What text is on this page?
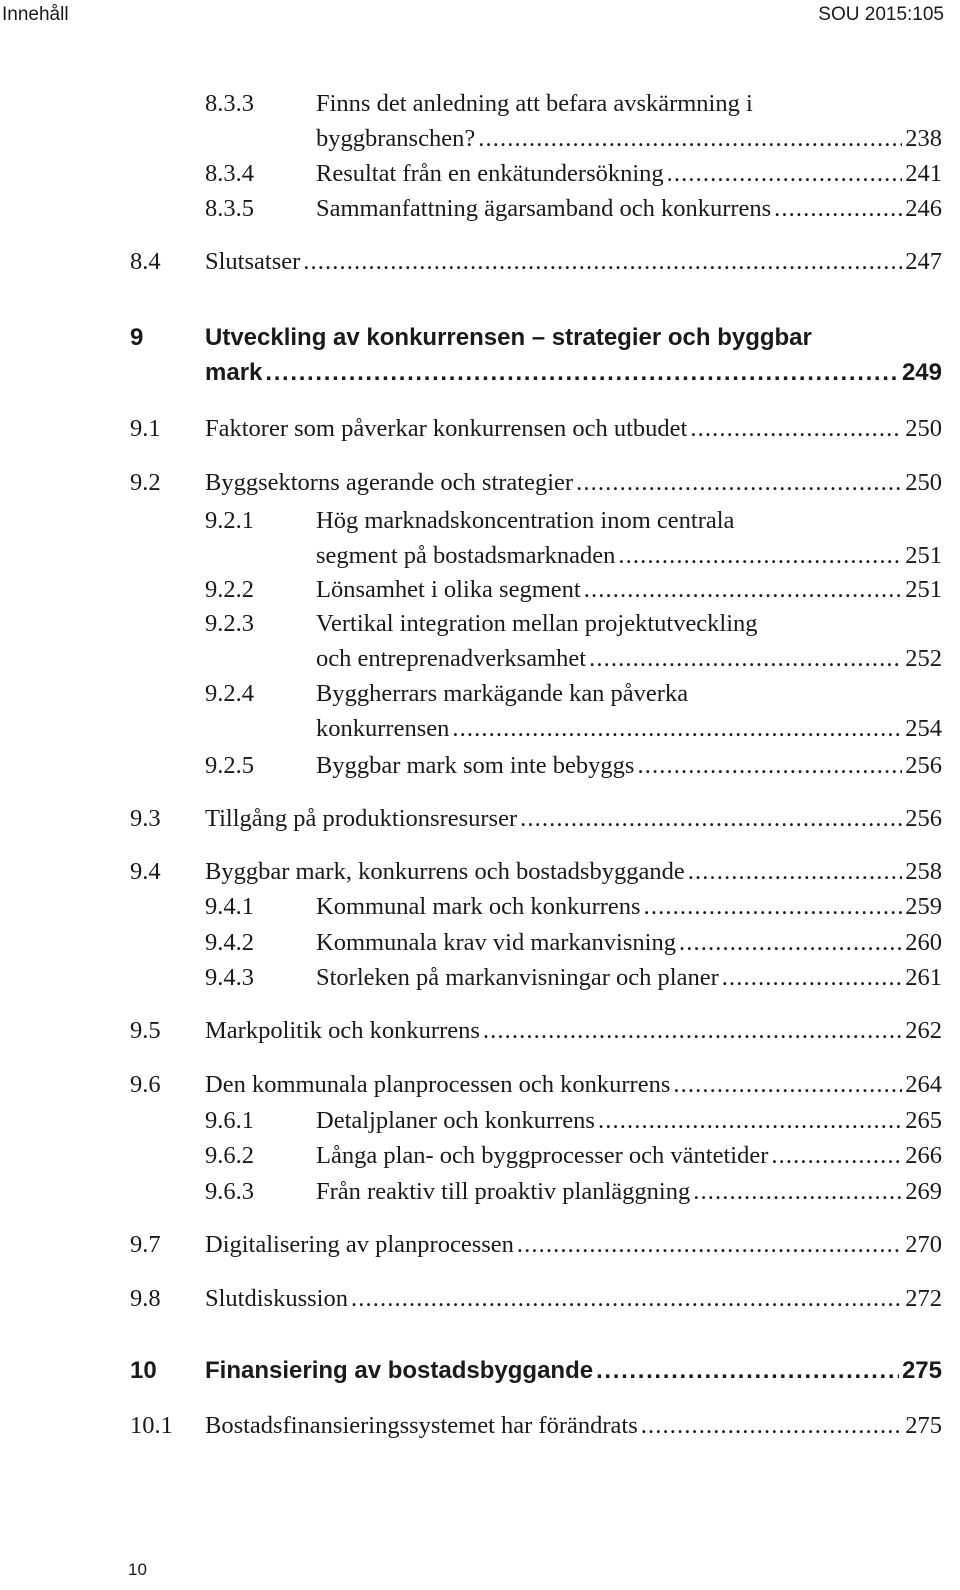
Innehåll	SOU 2015:105
8.3.3	Finns det anledning att befara avskärmning i
byggbranschen? . . .	238
8.3.4	Resultat från en enkätundersökning . . .	241
8.3.5	Sammanfattning ägarsamband och konkurrens . . .	246
8.4 Slutsatser . . .	247
9	Utveckling av konkurrensen – strategier och byggbar
mark . . .	249
9.1 Faktorer som påverkar konkurrensen och utbudet . . .	250
9.2 Byggsektorns agerande och strategier . . .	250
9.2.1	Hög marknadskoncentration inom centrala
segment på bostadsmarknaden . . .	251
9.2.2	Lönsamhet i olika segment . . .	251
9.2.3	Vertikal integration mellan projektutveckling
och entreprenadverksamhet . . .	252
9.2.4	Byggherrars markägande kan påverka
konkurrensen . . .	254
9.2.5	Byggbar mark som inte bebyggs . . .	256
9.3 Tillgång på produktionsresurser . . .	256
9.4 Byggbar mark, konkurrens och bostadsbyggande . . .	258
9.4.1	Kommunal mark och konkurrens . . .	259
9.4.2	Kommunala krav vid markanvisning . . .	260
9.4.3	Storleken på markanvisningar och planer . . .	261
9.5 Markpolitik och konkurrens . . .	262
9.6 Den kommunala planprocessen och konkurrens . . .	264
9.6.1	Detaljplaner och konkurrens . . .	265
9.6.2	Långa plan- och byggprocesser och väntetider . . .	266
9.6.3	Från reaktiv till proaktiv planläggning . . .	269
9.7 Digitalisering av planprocessen . . .	270
9.8 Slutdiskussion . . .	272
10 Finansiering av bostadsbyggande . . .	275
10.1 Bostadsfinansieringssystemet har förändrats . . .	275
10
